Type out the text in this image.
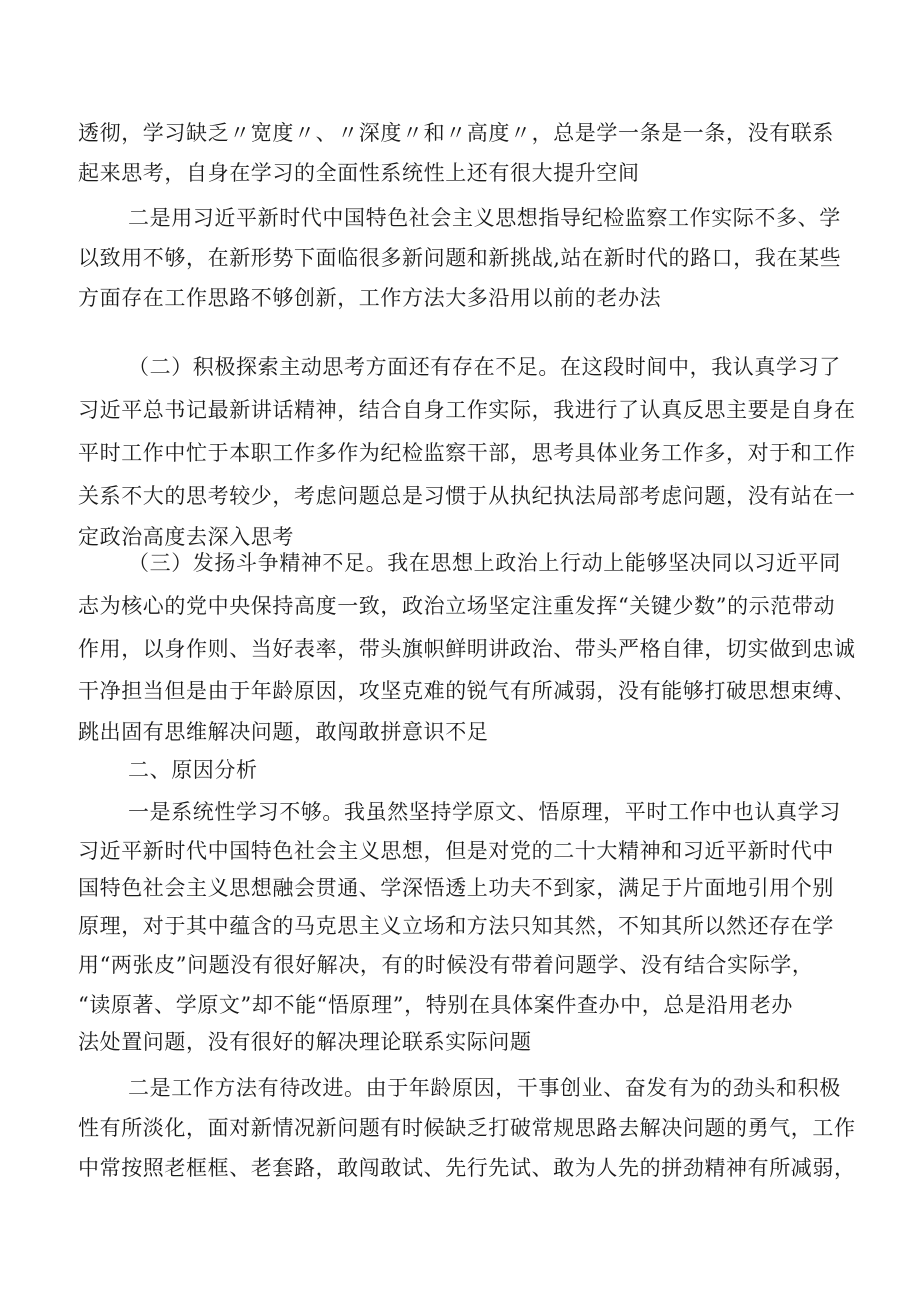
透彻，学习缺乏〃宽度〃、〃深度〃和〃高度〃，总是学一条是一条，没有联系
起来思考，自身在学习的全面性系统性上还有很大提升空间
二是用习近平新时代中国特色社会主义思想指导纪检监察工作实际不多、学
以致用不够，在新形势下面临很多新问题和新挑战,站在新时代的路口，我在某些
方面存在工作思路不够创新，工作方法大多沿用以前的老办法
（二）积极探索主动思考方面还有存在不足。在这段时间中，我认真学习了
习近平总书记最新讲话精神，结合自身工作实际，我进行了认真反思主要是自身在
平时工作中忙于本职工作多作为纪检监察干部，思考具体业务工作多，对于和工作
关系不大的思考较少，考虑问题总是习惯于从执纪执法局部考虑问题，没有站在一
定政治高度去深入思考
（三）发扬斗争精神不足。我在思想上政治上行动上能够坚决同以习近平同
志为核心的党中央保持高度一致，政治立场坚定注重发挥“关键少数”的示范带动
作用，以身作则、当好表率，带头旗帜鲜明讲政治、带头严格自律，切实做到忠诚
干净担当但是由于年龄原因，攻坚克难的锐气有所减弱，没有能够打破思想束缚、
跳出固有思维解决问题，敢闯敢拼意识不足
二、原因分析
一是系统性学习不够。我虽然坚持学原文、悟原理，平时工作中也认真学习
习近平新时代中国特色社会主义思想，但是对党的二十大精神和习近平新时代中
国特色社会主义思想融会贯通、学深悟透上功夫不到家，满足于片面地引用个别
原理，对于其中蕴含的马克思主义立场和方法只知其然，不知其所以然还存在学
用“两张皮”问题没有很好解决，有的时候没有带着问题学、没有结合实际学，
“读原著、学原文”却不能“悟原理”，特别在具体案件查办中，总是沿用老办
法处置问题，没有很好的解决理论联系实际问题
二是工作方法有待改进。由于年龄原因，干事创业、奋发有为的劲头和积极
性有所淡化，面对新情况新问题有时候缺乏打破常规思路去解决问题的勇气，工作
中常按照老框框、老套路，敢闯敢试、先行先试、敢为人先的拼劲精神有所减弱，
